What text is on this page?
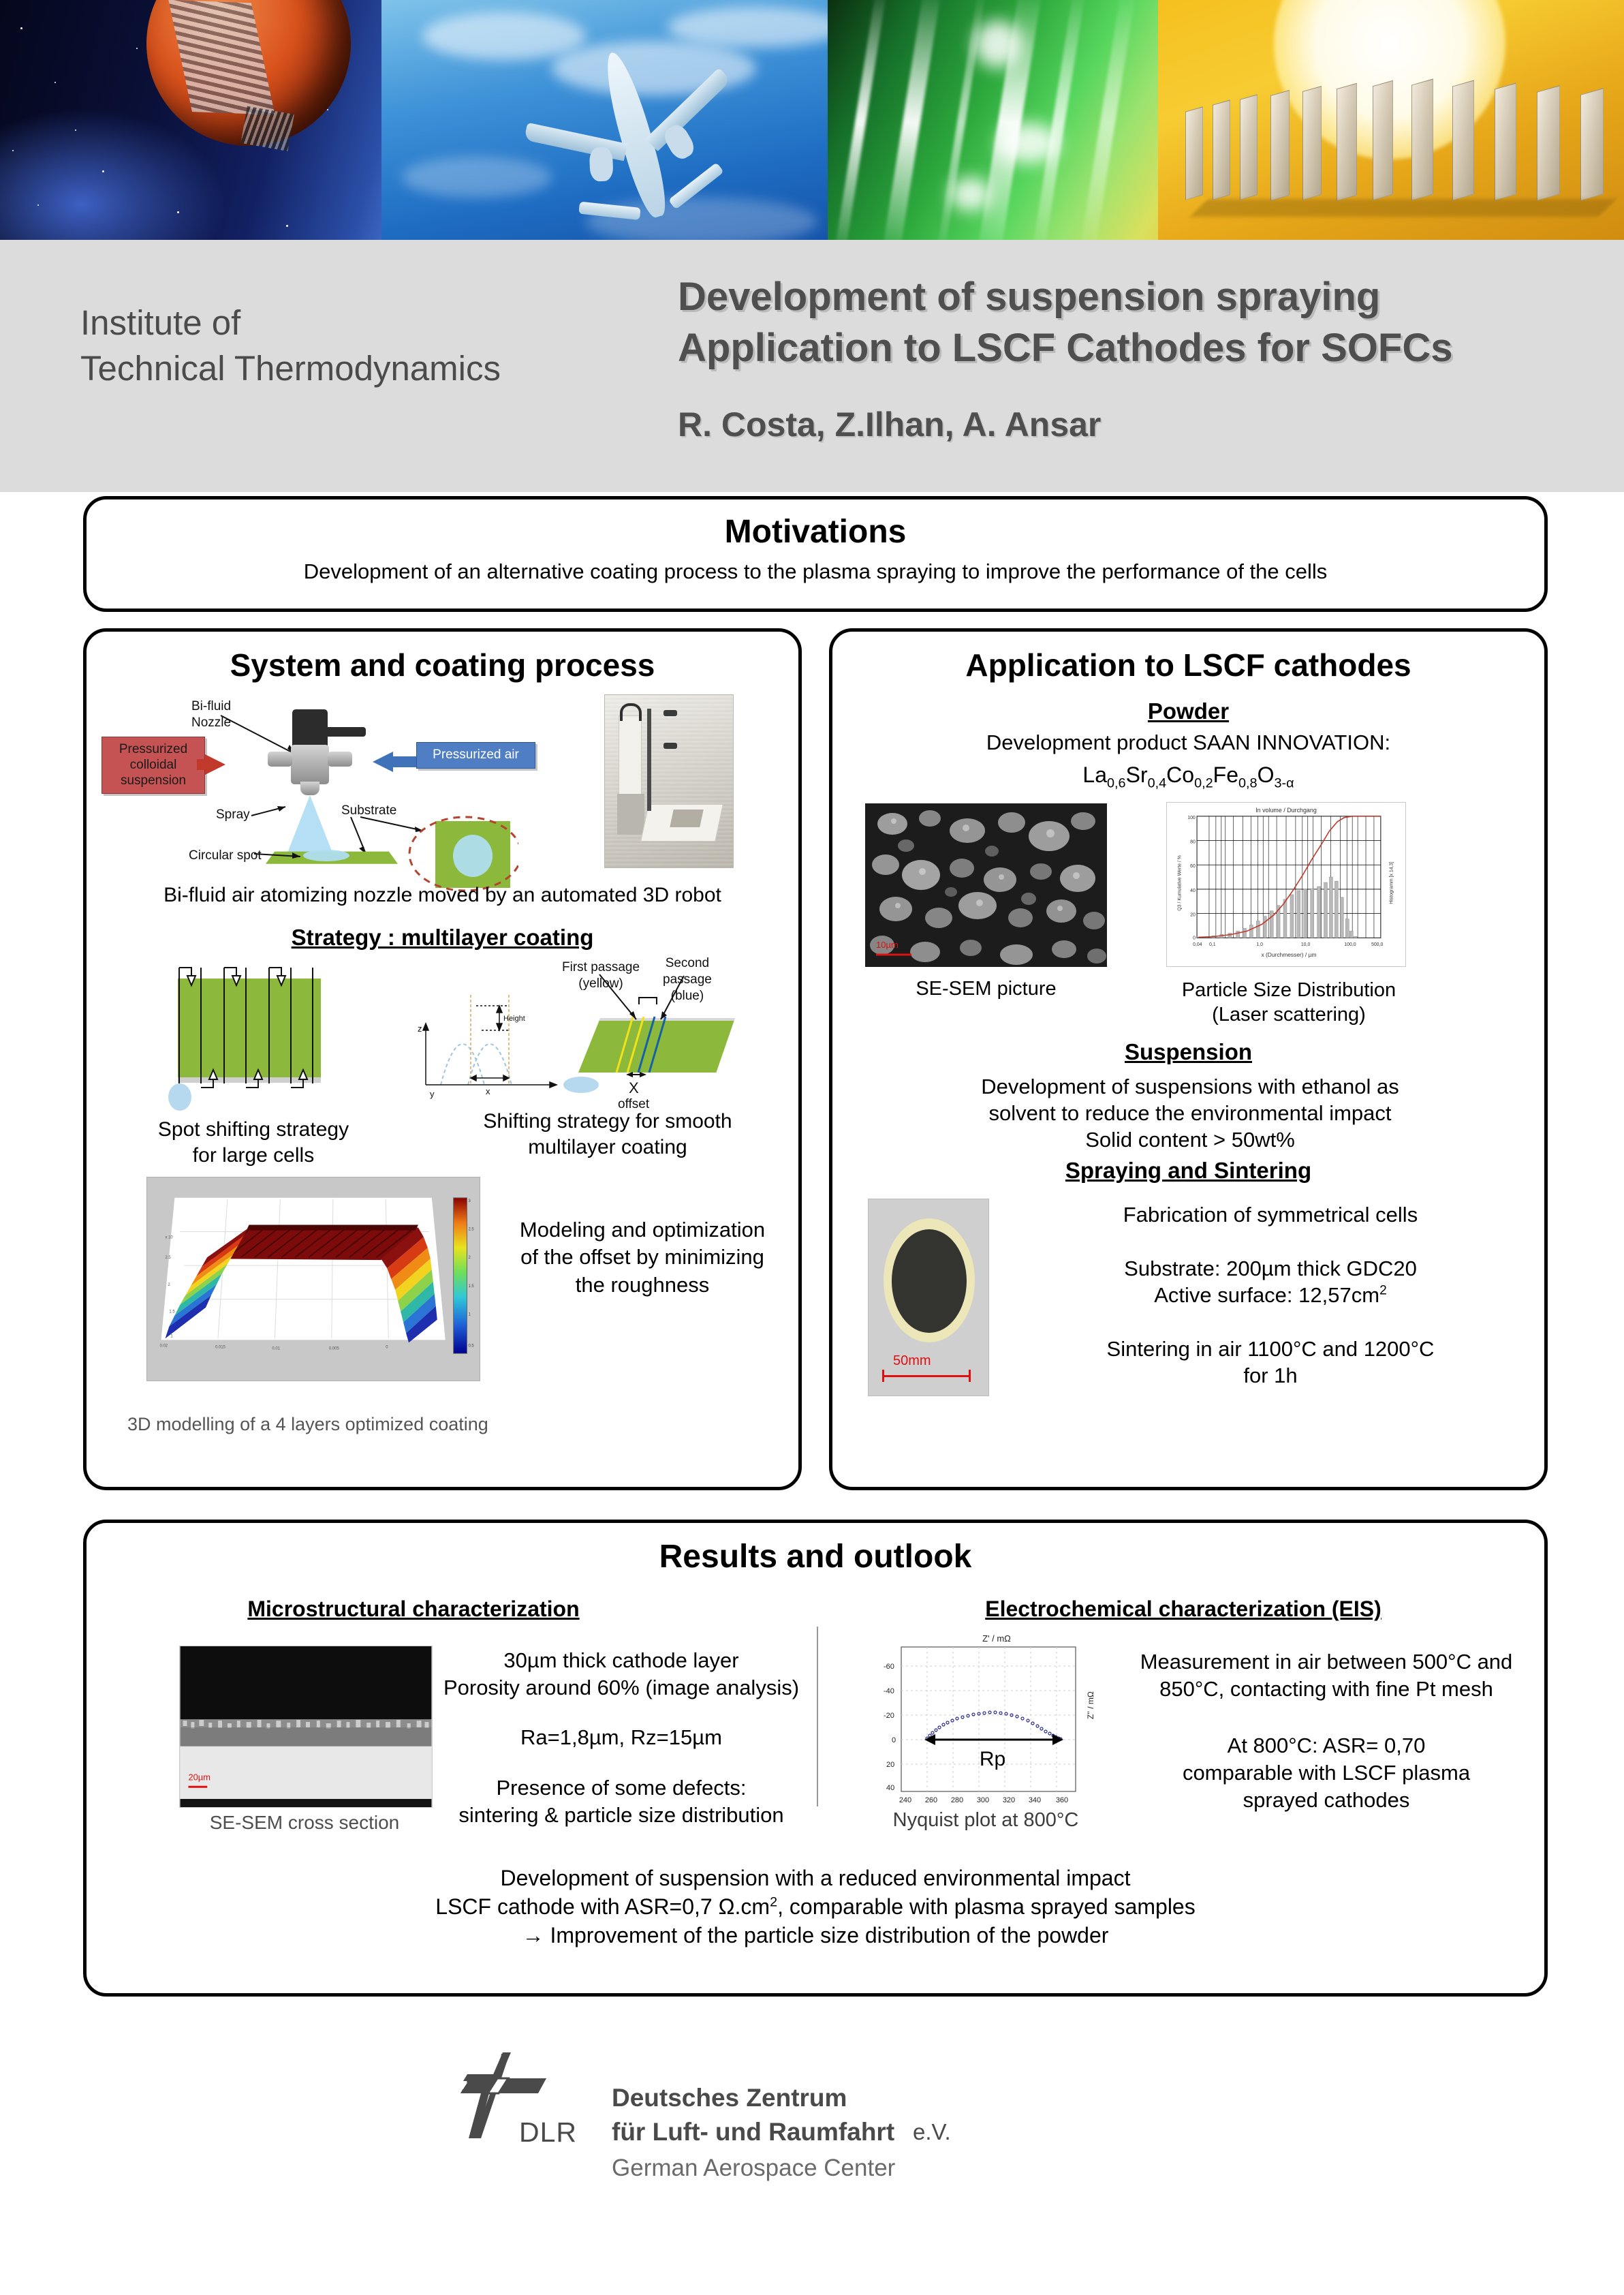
Institute of
Technical Thermodynamics
Development of suspension spraying
Application to LSCF Cathodes for SOFCs
R. Costa, Z.Ilhan, A. Ansar
Motivations
Development of an alternative coating process to the plasma spraying to improve the performance of the cells
System and coating process
Bi-fluid
Nozzle
Pressurized
colloidal
suspension
Pressurized air
Spray	Substrate
Circular spot
Bi-fluid air atomizing nozzle moved by an automated 3D robot
Strategy : multilayer coating
Spot shifting strategy
for large cells
z
y	x
Height
First passage
(yellow)
Second
passage
(blue)
X
offset
Shifting strategy for smooth
multilayer coating
3
2.5
2
1.5
1
0.5
0.02	0.015	0.01	0.005	0
x 10
2.5
2
1.5
1
Modeling and optimization
of the offset by minimizing
the roughness
3D modelling of a 4 layers optimized coating
Application to LSCF cathodes
Powder
Development product SAAN INNOVATION:
$La_{0,6}Sr_{0,4}Co_{0,2}Fe_{0,8}O_{3-\alpha}$
10µm
In volume / Durchgang
100
80
60
40
20
0
0,04 0,1	1,0	10,0	100,0	500,0
x (Durchmesser) / µm
Q3 / Kumulative Werte / %	Histogramm [x 14,3]
SE-SEM picture	Particle Size Distribution
(Laser scattering)
Suspension
Development of suspensions with ethanol as
solvent to reduce the environmental impact
Solid content > 50wt%
Spraying and Sintering
50mm
Fabrication of symmetrical cells
Substrate: 200µm thick GDC20
Active surface: $12,57cm^2$
Sintering in air 1100°C and 1200°C
for 1h
Results and outlook
Microstructural characterization	Electrochemical characterization (EIS)
20µm
SE-SEM cross section
30µm thick cathode layer
Porosity around 60% (image analysis)
Ra=1,8µm, Rz=15µm
Presence of some defects:
sintering & particle size distribution
Z' / mΩ
Rp
-60
-40
-20
0
20
40
240 260 280 300 320 340 360
Z'' / mΩ
Nyquist plot at 800°C
Measurement in air between 500°C and
850°C, contacting with fine Pt mesh
At 800°C: ASR= 0,70
comparable with LSCF plasma
sprayed cathodes
Development of suspension with a reduced environmental impact
LSCF cathode with ASR=0,7 $\Omega.cm^2$, comparable with plasma sprayed samples
→ Improvement of the particle size distribution of the powder
DLR
Deutsches Zentrum
für Luft- und Raumfahrt e.V.
German Aerospace Center
